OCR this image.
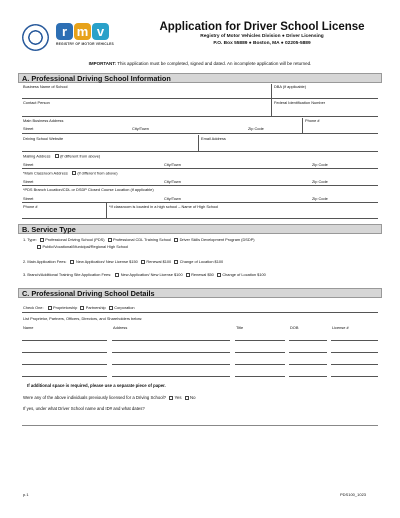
r m v
REGISTRY OF MOTOR VEHICLES
Application for Driver School License
Registry of Motor Vehicles Division ● Driver Licensing
P.O. Box 55889 ● Boston, MA ● 02205-5889
IMPORTANT: This application must be completed, signed and dated. An incomplete application will be returned.
A. Professional Driving School Information
Business Name of School	DBA (if applicable)
Contact Person	Federal Identification Number
Main Business Address	Phone #
Street	City/Town	Zip Code
Driving School Website	Email Address
Mailing Address (if different from above)
Street	City/Town	Zip Code
*Main Classroom Address (if different from above)
Street	City/Town	Zip Code
*PDS Branch Location/CDL or DSDP Closed Course Location (if applicable)
Street	City/Town	Zip Code
Phone #	*If classroom is located in a high school – Name of High School
B. Service Type
1. Type: Professional Driving School (PDS) Professional CDL Training School Driver Skills Development Program (DSDP)
Public/Vocational/Municipal/Regional High School
2. Main Application Fees: New Application/ New License $150 Renewal $100 Change of Location $100
3. Branch/Additional Training Site Application Fees: New Application/ New License $100 Renewal $50 Change of Location $100
C. Professional Driving School Details
Check One: Proprietorship Partnership Corporation
List Proprietor, Partners, Officers, Directors, and Shareholders below:
Name	Address	Title	DOB	License #
If additional space is required, please use a separate piece of paper.
Were any of the above individuals previously licensed for a Driving School? Yes No
If yes, under what Driver School name and ID# and what dates?
p.1	PDS100_1023
